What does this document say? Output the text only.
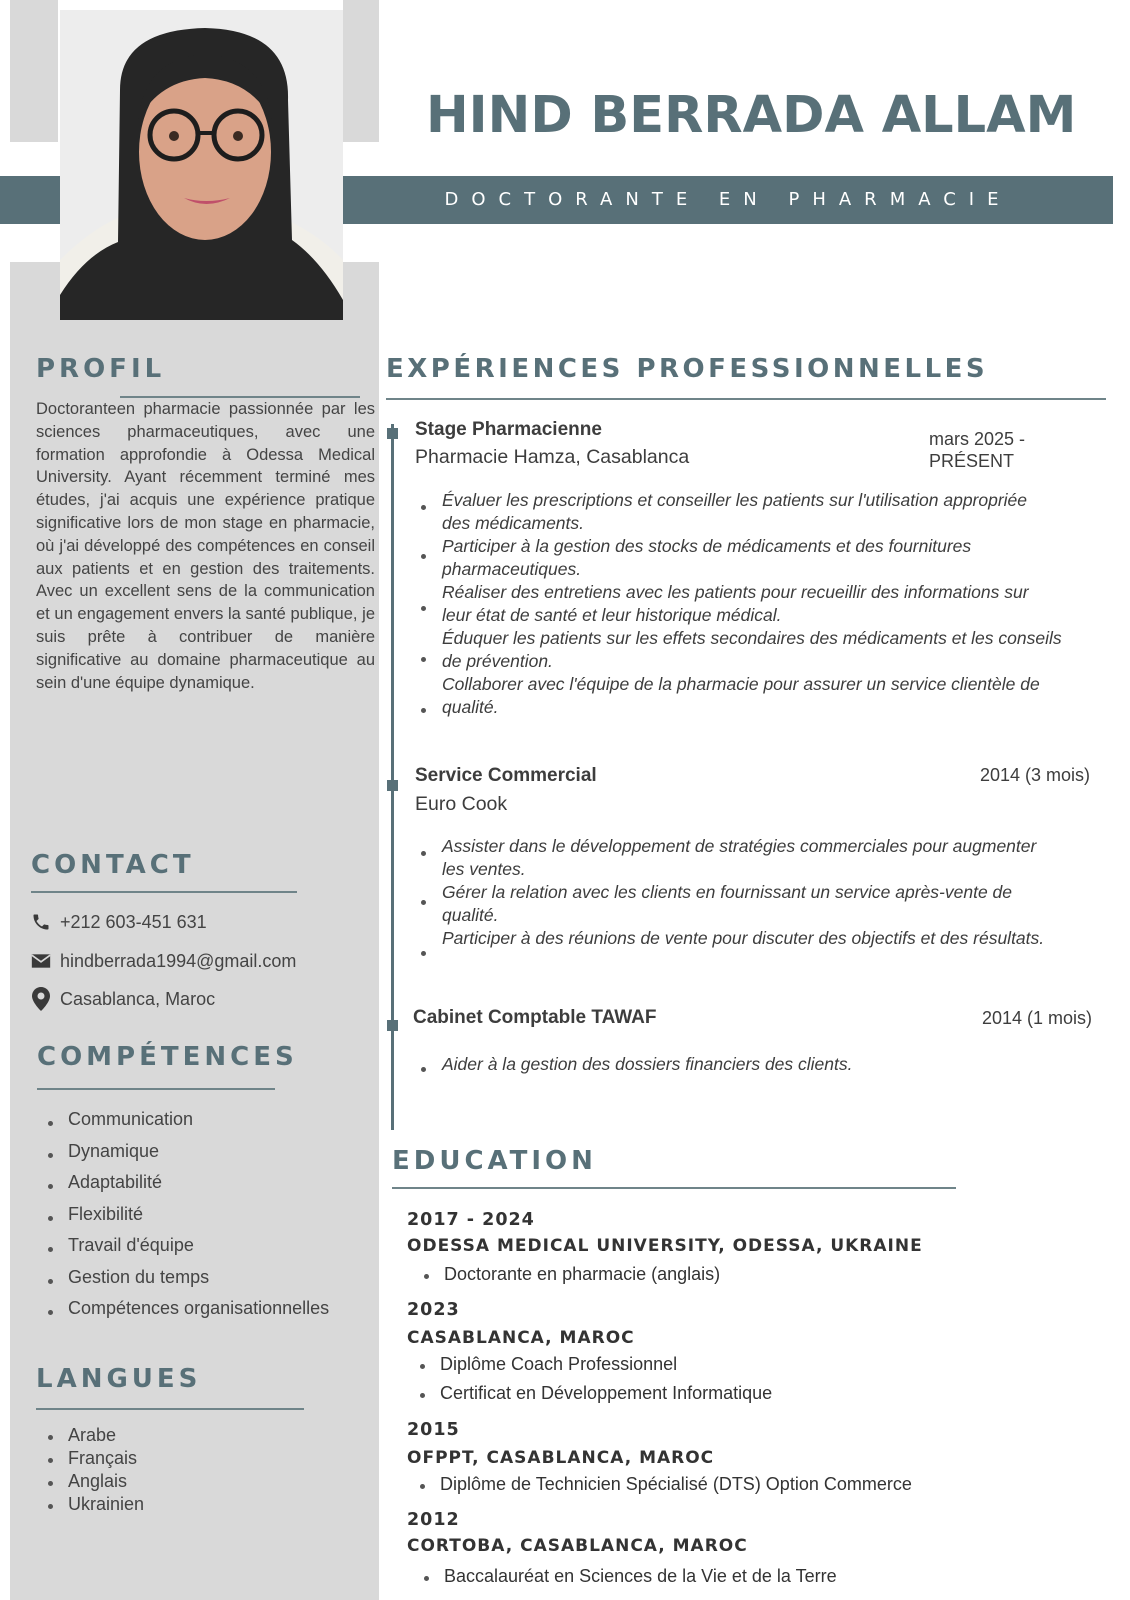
HIND BERRADA ALLAM
DOCTORANTE EN PHARMACIE
PROFIL
Doctoranteen pharmacie passionnée par les sciences pharmaceutiques, avec une formation approfondie à Odessa Medical University. Ayant récemment terminé mes études, j'ai acquis une expérience pratique significative lors de mon stage en pharmacie, où j'ai développé des compétences en conseil aux patients et en gestion des traitements. Avec un excellent sens de la communication et un engagement envers la santé publique, je suis prête à contribuer de manière significative au domaine pharmaceutique au sein d'une équipe dynamique.
CONTACT
+212 603-451 631
hindberrada1994@gmail.com
Casablanca, Maroc
COMPÉTENCES
Communication
Dynamique
Adaptabilité
Flexibilité
Travail d'équipe
Gestion du temps
Compétences organisationnelles
LANGUES
Arabe
Français
Anglais
Ukrainien
EXPÉRIENCES PROFESSIONNELLES
Stage Pharmacienne
Pharmacie Hamza, Casablanca
mars 2025 -
PRÉSENT

Évaluer les prescriptions et conseiller les patients sur l'utilisation appropriée

des médicaments.

Participer à la gestion des stocks de médicaments et des fournitures

pharmaceutiques.

Réaliser des entretiens avec les patients pour recueillir des informations sur

leur état de santé et leur historique médical.

Éduquer les patients sur les effets secondaires des médicaments et les conseils

de prévention.

Collaborer avec l'équipe de la pharmacie pour assurer un service clientèle de

qualité.

Service Commercial
Euro Cook
2014 (3 mois)

Assister dans le développement de stratégies commerciales pour augmenter

les ventes.

Gérer la relation avec les clients en fournissant un service après-vente de

qualité.

Participer à des réunions de vente pour discuter des objectifs et des résultats.

Cabinet Comptable TAWAF	2014 (1 mois)

Aider à la gestion des dossiers financiers des clients.

EDUCATION
2017 - 2024
ODESSA MEDICAL UNIVERSITY, ODESSA, UKRAINE
Doctorante en pharmacie (anglais)
2023
CASABLANCA, MAROC
Diplôme Coach Professionnel
Certificat en Développement Informatique
2015
OFPPT, CASABLANCA, MAROC
Diplôme de Technicien Spécialisé (DTS) Option Commerce
2012
CORTOBA, CASABLANCA, MAROC
Baccalauréat en Sciences de la Vie et de la Terre
